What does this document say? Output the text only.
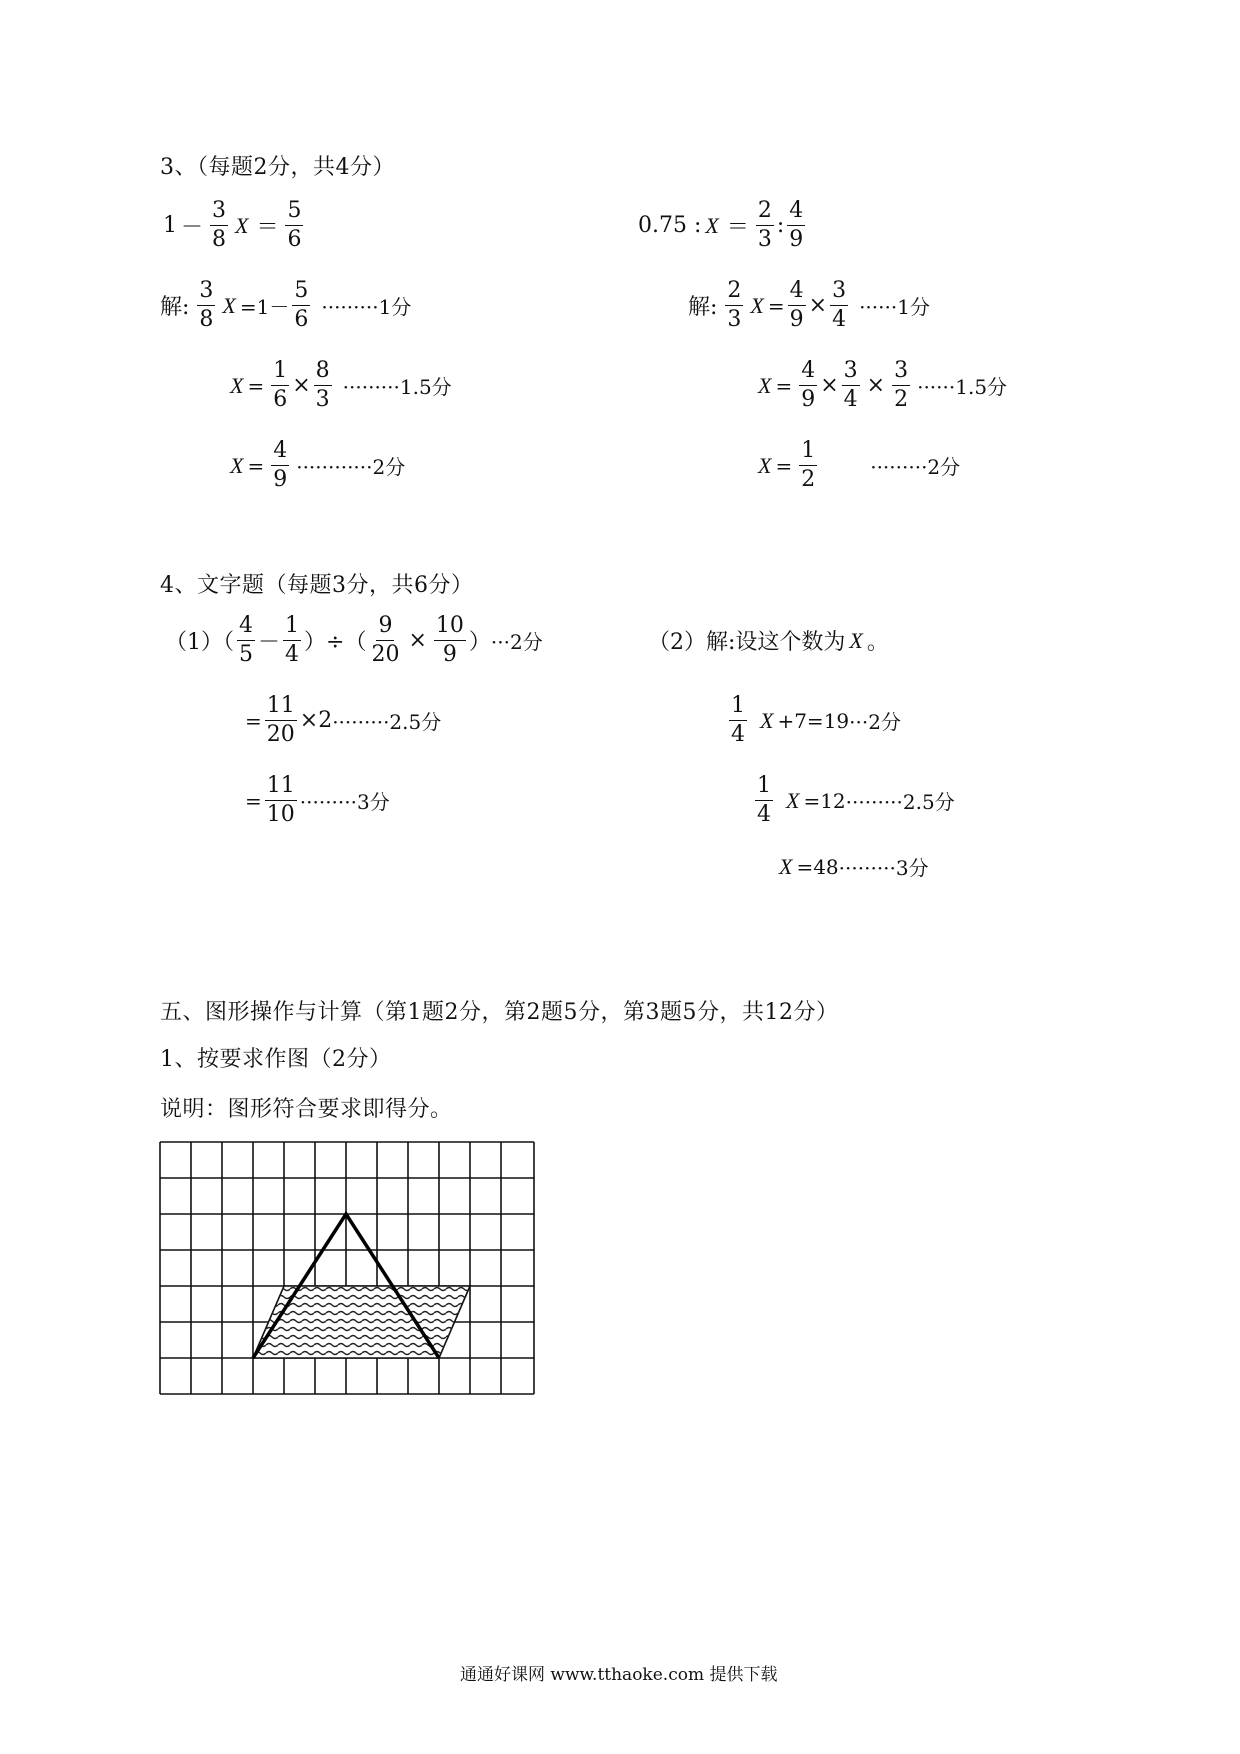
3、（每题2分，共4分）
$1 - \frac{3}{8}$ $X = \frac{5}{6}$
解: $\frac{3}{8}$ $X =1- \frac{5}{6} \cdot\cdot\cdot\cdot\cdot\cdot\cdot\cdot\cdot 1$分
$X = \frac{1}{6} \times \frac{8}{3} \cdot\cdot\cdot\cdot\cdot\cdot\cdot\cdot\cdot 1.5$分
$X = \frac{4}{9} \cdot\cdot\cdot\cdot\cdot\cdot\cdot\cdot\cdot\cdot\cdot\cdot 2$分
0.75 : $X = \frac{2}{3}$ : $\frac{4}{9}$
解: $\frac{2}{3}$ $X = \frac{4}{9} \times \frac{3}{4} \cdot\cdot\cdot\cdot\cdot\cdot 1$分
$X = \frac{4}{9} \times \frac{3}{4} \times \frac{3}{2} \cdot\cdot\cdot\cdot\cdot\cdot 1.5$分
$X = \frac{1}{2}$	·········2分
4、文字题（每题3分，共6分）
$(1)( \frac{4}{5} - \frac{1}{4}$ ）÷（ $\frac{9}{20} \times \frac{10}{9}$ ） ···2分
= $\frac{11}{20} \times 2 \cdot\cdot\cdot\cdot\cdot\cdot\cdot\cdot\cdot 2.5$分
= $\frac{11}{10} \cdot\cdot\cdot\cdot\cdot\cdot\cdot\cdot\cdot 3$分
（2）解:设这个数为 X 。
$\frac{1}{4}$ X +7=19 ···2分
$\frac{1}{4}$ X =12 ·········2.5分
X =48 ·········3分
五、图形操作与计算（第1题2分，第2题5分，第3题5分，共12分）
1、按要求作图（2分）
说明：图形符合要求即得分。
通通好课网 www.tthaoke.com 提供下载
